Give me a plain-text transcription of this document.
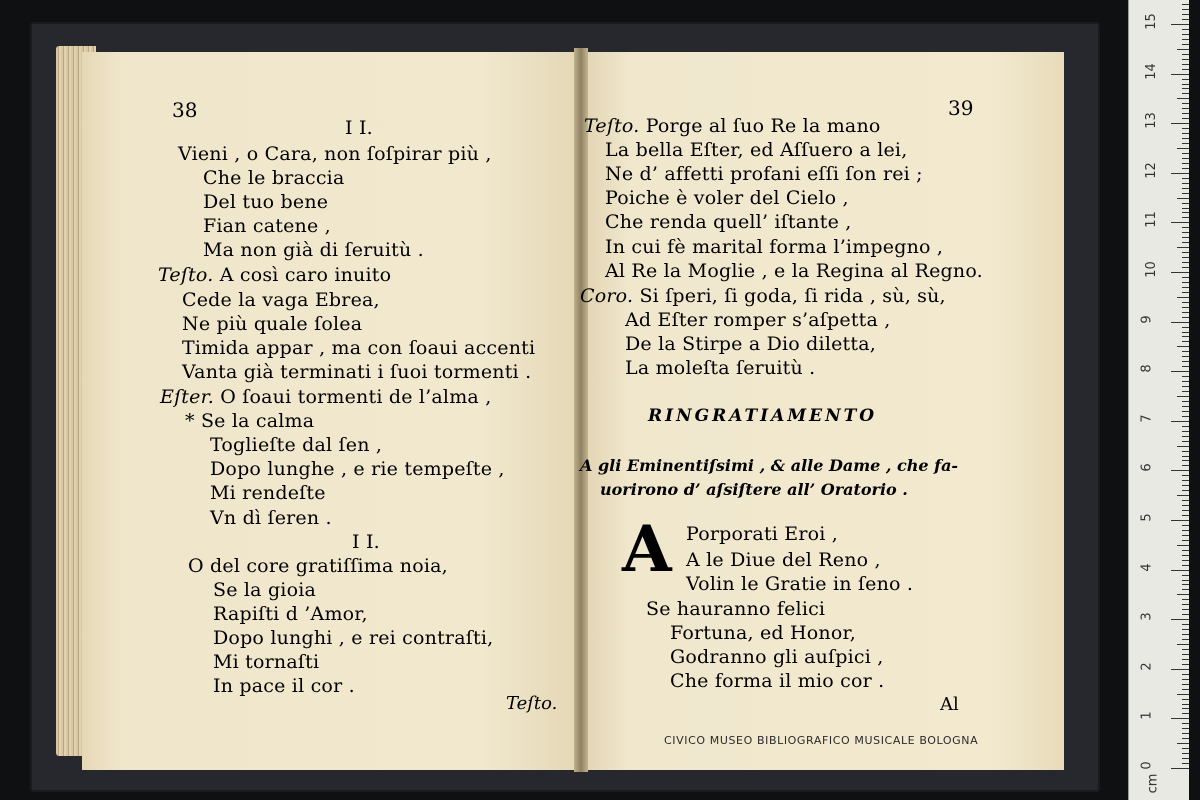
38
Teſto.
I I.
Vieni , o Cara, non ſoſpirar più ,
Che le braccia
Del tuo bene
Fian catene ,
Ma non già di ſeruitù .
Teſto. A così caro inuito
Cede la vaga Ebrea,
Ne più quale ſolea
Timida appar , ma con ſoaui accenti
Vanta già terminati i ſuoi tormenti .
Eſter. O ſoaui tormenti de l’alma ,
* Se la calma
Toglieſte dal ſen ,
Dopo lunghe , e rie tempeſte ,
Mi rendeſte
Vn dì ſeren .
I I.
O del core gratiſſima noia,
Se la gioia
Rapiſti d ’Amor,
Dopo lunghi , e rei contraſti,
Mi tornaſti
In pace il cor .
39
RINGRATIAMENTO
A gli Eminentiſsimi , & alle Dame , che fa-
uorirono d’ aſsiſtere all’ Oratorio .
A
Al
Teſto. Porge al ſuo Re la mano
La bella Eſter, ed Aſſuero a lei,
Ne d’ affetti profani eſſi ſon rei ;
Poiche è voler del Cielo ,
Che renda quell’ iſtante ,
In cui fè marital forma l’impegno ,
Al Re la Moglie , e la Regina al Regno.
Coro. Si ſperi, ſi goda, ſi rida , sù, sù,
Ad Eſter romper s’aſpetta ,
De la Stirpe a Dio diletta,
La moleſta ſeruitù .
Porporati Eroi ,
A le Diue del Reno ,
Volin le Gratie in ſeno .
Se hauranno felici
Fortuna, ed Honor,
Godranno gli auſpici ,
Che forma il mio cor .
CIVICO MUSEO BIBLIOGRAFICO MUSICALE BOLOGNA
0
1
2
3
4
5
6
7
8
9
10
11
12
13
14
15
cm
